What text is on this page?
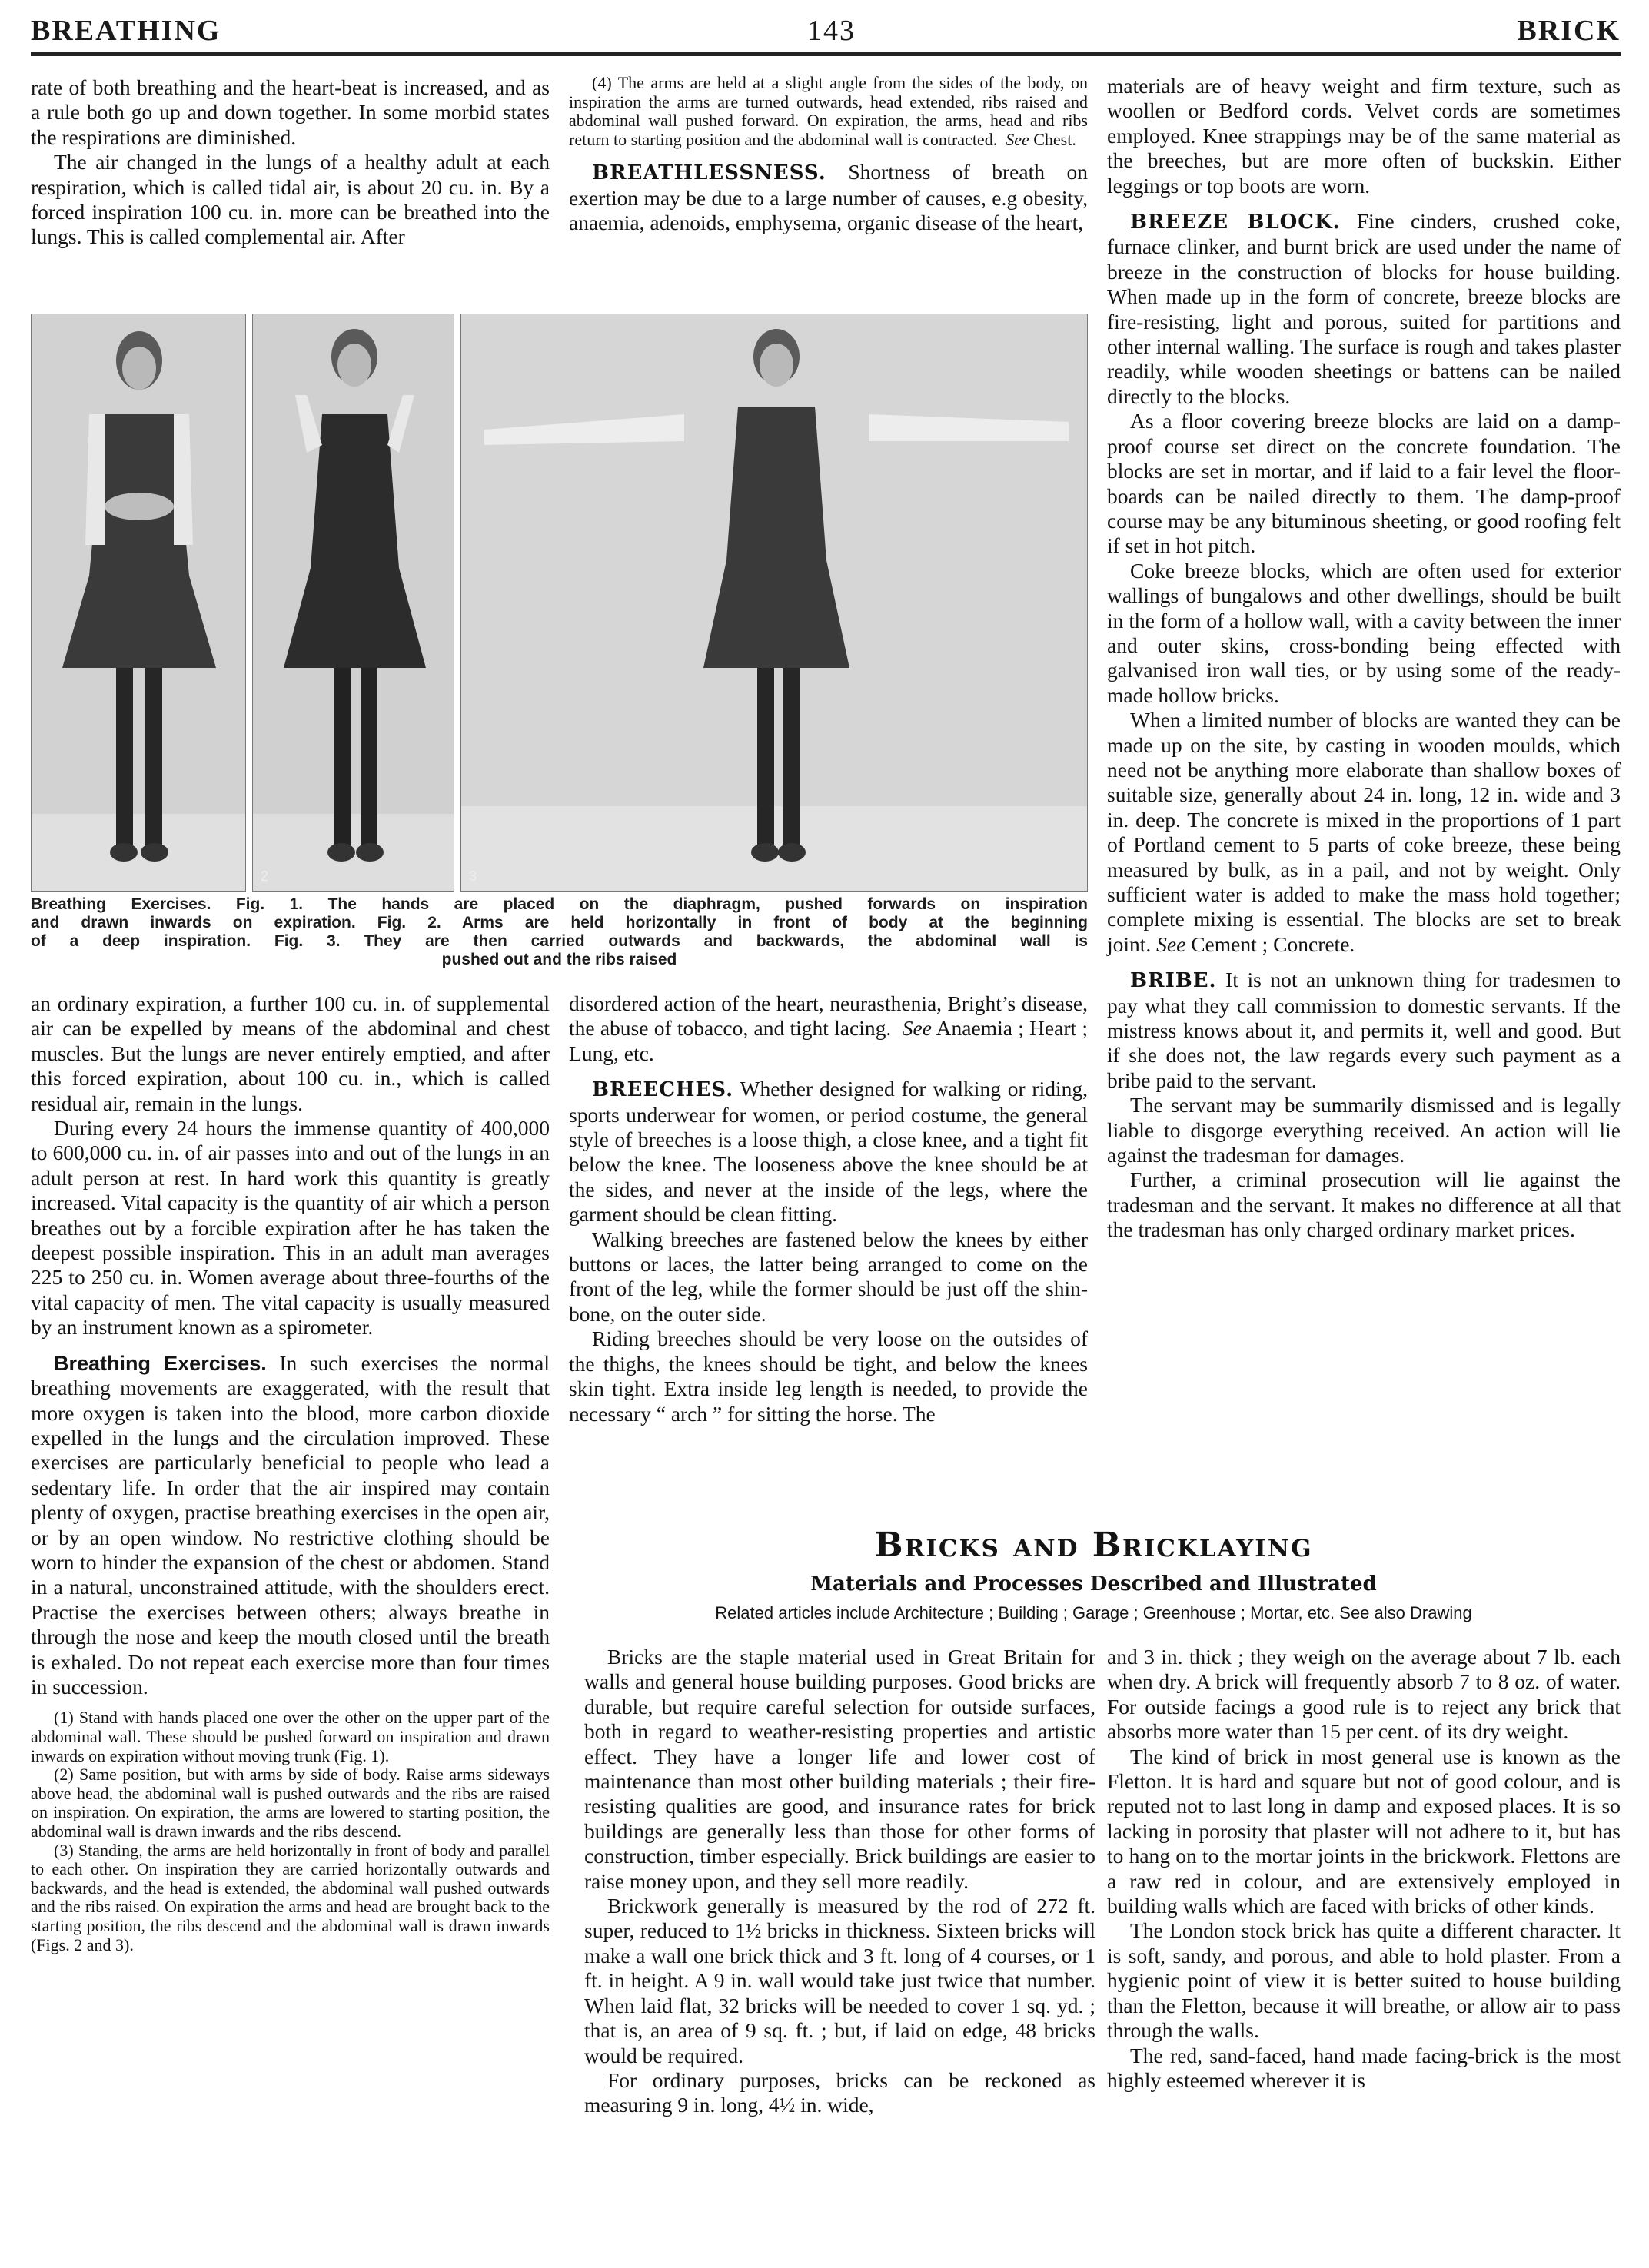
BREATHING	143	BRICK

rate of both breathing and the heart-beat is increased, and as a rule both go up and down together. In some morbid states the respirations are diminished.

The air changed in the lungs of a healthy adult at each respiration, which is called tidal air, is about 20 cu. in. By a forced inspiration 100 cu. in. more can be breathed into the lungs. This is called complemental air. After

(4) The arms are held at a slight angle from the sides of the body, on inspiration the arms are turned outwards, head extended, ribs raised and abdominal wall pushed forward. On expiration, the arms, head and ribs return to starting position and the abdominal wall is contracted. See Chest.

BREATHLESSNESS. Shortness of breath on exertion may be due to a large number of causes, e.g obesity, anaemia, adenoids, emphysema, organic disease of the heart,

2	3
Breathing Exercises. Fig. 1. The hands are placed on the diaphragm, pushed forwards on inspiration
and drawn inwards on expiration. Fig. 2. Arms are held horizontally in front of body at the beginning
of a deep inspiration. Fig. 3. They are then carried outwards and backwards, the abdominal wall is
pushed out and the ribs raised

materials are of heavy weight and firm texture, such as woollen or Bedford cords. Velvet cords are sometimes employed. Knee strappings may be of the same material as the breeches, but are more often of buckskin. Either leggings or top boots are worn.

BREEZE BLOCK. Fine cinders, crushed coke, furnace clinker, and burnt brick are used under the name of breeze in the construction of blocks for house building. When made up in the form of concrete, breeze blocks are fire-resisting, light and porous, suited for partitions and other internal walling. The surface is rough and takes plaster readily, while wooden sheetings or battens can be nailed directly to the blocks.

As a floor covering breeze blocks are laid on a damp-proof course set direct on the concrete foundation. The blocks are set in mortar, and if laid to a fair level the floor-boards can be nailed directly to them. The damp-proof course may be any bituminous sheeting, or good roofing felt if set in hot pitch.

Coke breeze blocks, which are often used for exterior wallings of bungalows and other dwellings, should be built in the form of a hollow wall, with a cavity between the inner and outer skins, cross-bonding being effected with galvanised iron wall ties, or by using some of the ready-made hollow bricks.

When a limited number of blocks are wanted they can be made up on the site, by casting in wooden moulds, which need not be anything more elaborate than shallow boxes of suitable size, generally about 24 in. long, 12 in. wide and 3 in. deep. The concrete is mixed in the proportions of 1 part of Portland cement to 5 parts of coke breeze, these being measured by bulk, as in a pail, and not by weight. Only sufficient water is added to make the mass hold together; complete mixing is essential. The blocks are set to break joint. See Cement ; Concrete.

BRIBE. It is not an unknown thing for tradesmen to pay what they call commission to domestic servants. If the mistress knows about it, and permits it, well and good. But if she does not, the law regards every such payment as a bribe paid to the servant.

The servant may be summarily dismissed and is legally liable to disgorge everything received. An action will lie against the tradesman for damages.

Further, a criminal prosecution will lie against the tradesman and the servant. It makes no difference at all that the tradesman has only charged ordinary market prices.

an ordinary expiration, a further 100 cu. in. of supplemental air can be expelled by means of the abdominal and chest muscles. But the lungs are never entirely emptied, and after this forced expiration, about 100 cu. in., which is called residual air, remain in the lungs.

During every 24 hours the immense quantity of 400,000 to 600,000 cu. in. of air passes into and out of the lungs in an adult person at rest. In hard work this quantity is greatly increased. Vital capacity is the quantity of air which a person breathes out by a forcible expiration after he has taken the deepest possible inspiration. This in an adult man averages 225 to 250 cu. in. Women average about three-fourths of the vital capacity of men. The vital capacity is usually measured by an instrument known as a spirometer.

Breathing Exercises. In such exercises the normal breathing movements are exaggerated, with the result that more oxygen is taken into the blood, more carbon dioxide expelled in the lungs and the circulation improved. These exercises are particularly beneficial to people who lead a sedentary life. In order that the air inspired may contain plenty of oxygen, practise breathing exercises in the open air, or by an open window. No restrictive clothing should be worn to hinder the expansion of the chest or abdomen. Stand in a natural, unconstrained attitude, with the shoulders erect. Practise the exercises between others; always breathe in through the nose and keep the mouth closed until the breath is exhaled. Do not repeat each exercise more than four times in succession.

(1) Stand with hands placed one over the other on the upper part of the abdominal wall. These should be pushed forward on inspiration and drawn inwards on expiration without moving trunk (Fig. 1).

(2) Same position, but with arms by side of body. Raise arms sideways above head, the abdominal wall is pushed outwards and the ribs are raised on inspiration. On expiration, the arms are lowered to starting position, the abdominal wall is drawn inwards and the ribs descend.

(3) Standing, the arms are held horizontally in front of body and parallel to each other. On inspiration they are carried horizontally outwards and backwards, and the head is extended, the abdominal wall pushed outwards and the ribs raised. On expiration the arms and head are brought back to the starting position, the ribs descend and the abdominal wall is drawn inwards (Figs. 2 and 3).

disordered action of the heart, neurasthenia, Bright’s disease, the abuse of tobacco, and tight lacing. See Anaemia ; Heart ; Lung, etc.

BREECHES. Whether designed for walking or riding, sports underwear for women, or period costume, the general style of breeches is a loose thigh, a close knee, and a tight fit below the knee. The looseness above the knee should be at the sides, and never at the inside of the legs, where the garment should be clean fitting.

Walking breeches are fastened below the knees by either buttons or laces, the latter being arranged to come on the front of the leg, while the former should be just off the shin-bone, on the outer side.

Riding breeches should be very loose on the outsides of the thighs, the knees should be tight, and below the knees skin tight. Extra inside leg length is needed, to provide the necessary “ arch ” for sitting the horse. The

Bricks and Bricklaying
Materials and Processes Described and Illustrated
Related articles include Architecture ; Building ; Garage ; Greenhouse ; Mortar, etc. See also Drawing

Bricks are the staple material used in Great Britain for walls and general house building purposes. Good bricks are durable, but require careful selection for outside surfaces, both in regard to weather-resisting properties and artistic effect. They have a longer life and lower cost of maintenance than most other building materials ; their fire-resisting qualities are good, and insurance rates for brick buildings are generally less than those for other forms of construction, timber especially. Brick buildings are easier to raise money upon, and they sell more readily.

Brickwork generally is measured by the rod of 272 ft. super, reduced to 1½ bricks in thickness. Sixteen bricks will make a wall one brick thick and 3 ft. long of 4 courses, or 1 ft. in height. A 9 in. wall would take just twice that number. When laid flat, 32 bricks will be needed to cover 1 sq. yd. ; that is, an area of 9 sq. ft. ; but, if laid on edge, 48 bricks would be required.

For ordinary purposes, bricks can be reckoned as measuring 9 in. long, 4½ in. wide,

and 3 in. thick ; they weigh on the average about 7 lb. each when dry. A brick will frequently absorb 7 to 8 oz. of water. For outside facings a good rule is to reject any brick that absorbs more water than 15 per cent. of its dry weight.

The kind of brick in most general use is known as the Fletton. It is hard and square but not of good colour, and is reputed not to last long in damp and exposed places. It is so lacking in porosity that plaster will not adhere to it, but has to hang on to the mortar joints in the brickwork. Flettons are a raw red in colour, and are extensively employed in building walls which are faced with bricks of other kinds.

The London stock brick has quite a different character. It is soft, sandy, and porous, and able to hold plaster. From a hygienic point of view it is better suited to house building than the Fletton, because it will breathe, or allow air to pass through the walls.

The red, sand-faced, hand made facing-brick is the most highly esteemed wherever it is
